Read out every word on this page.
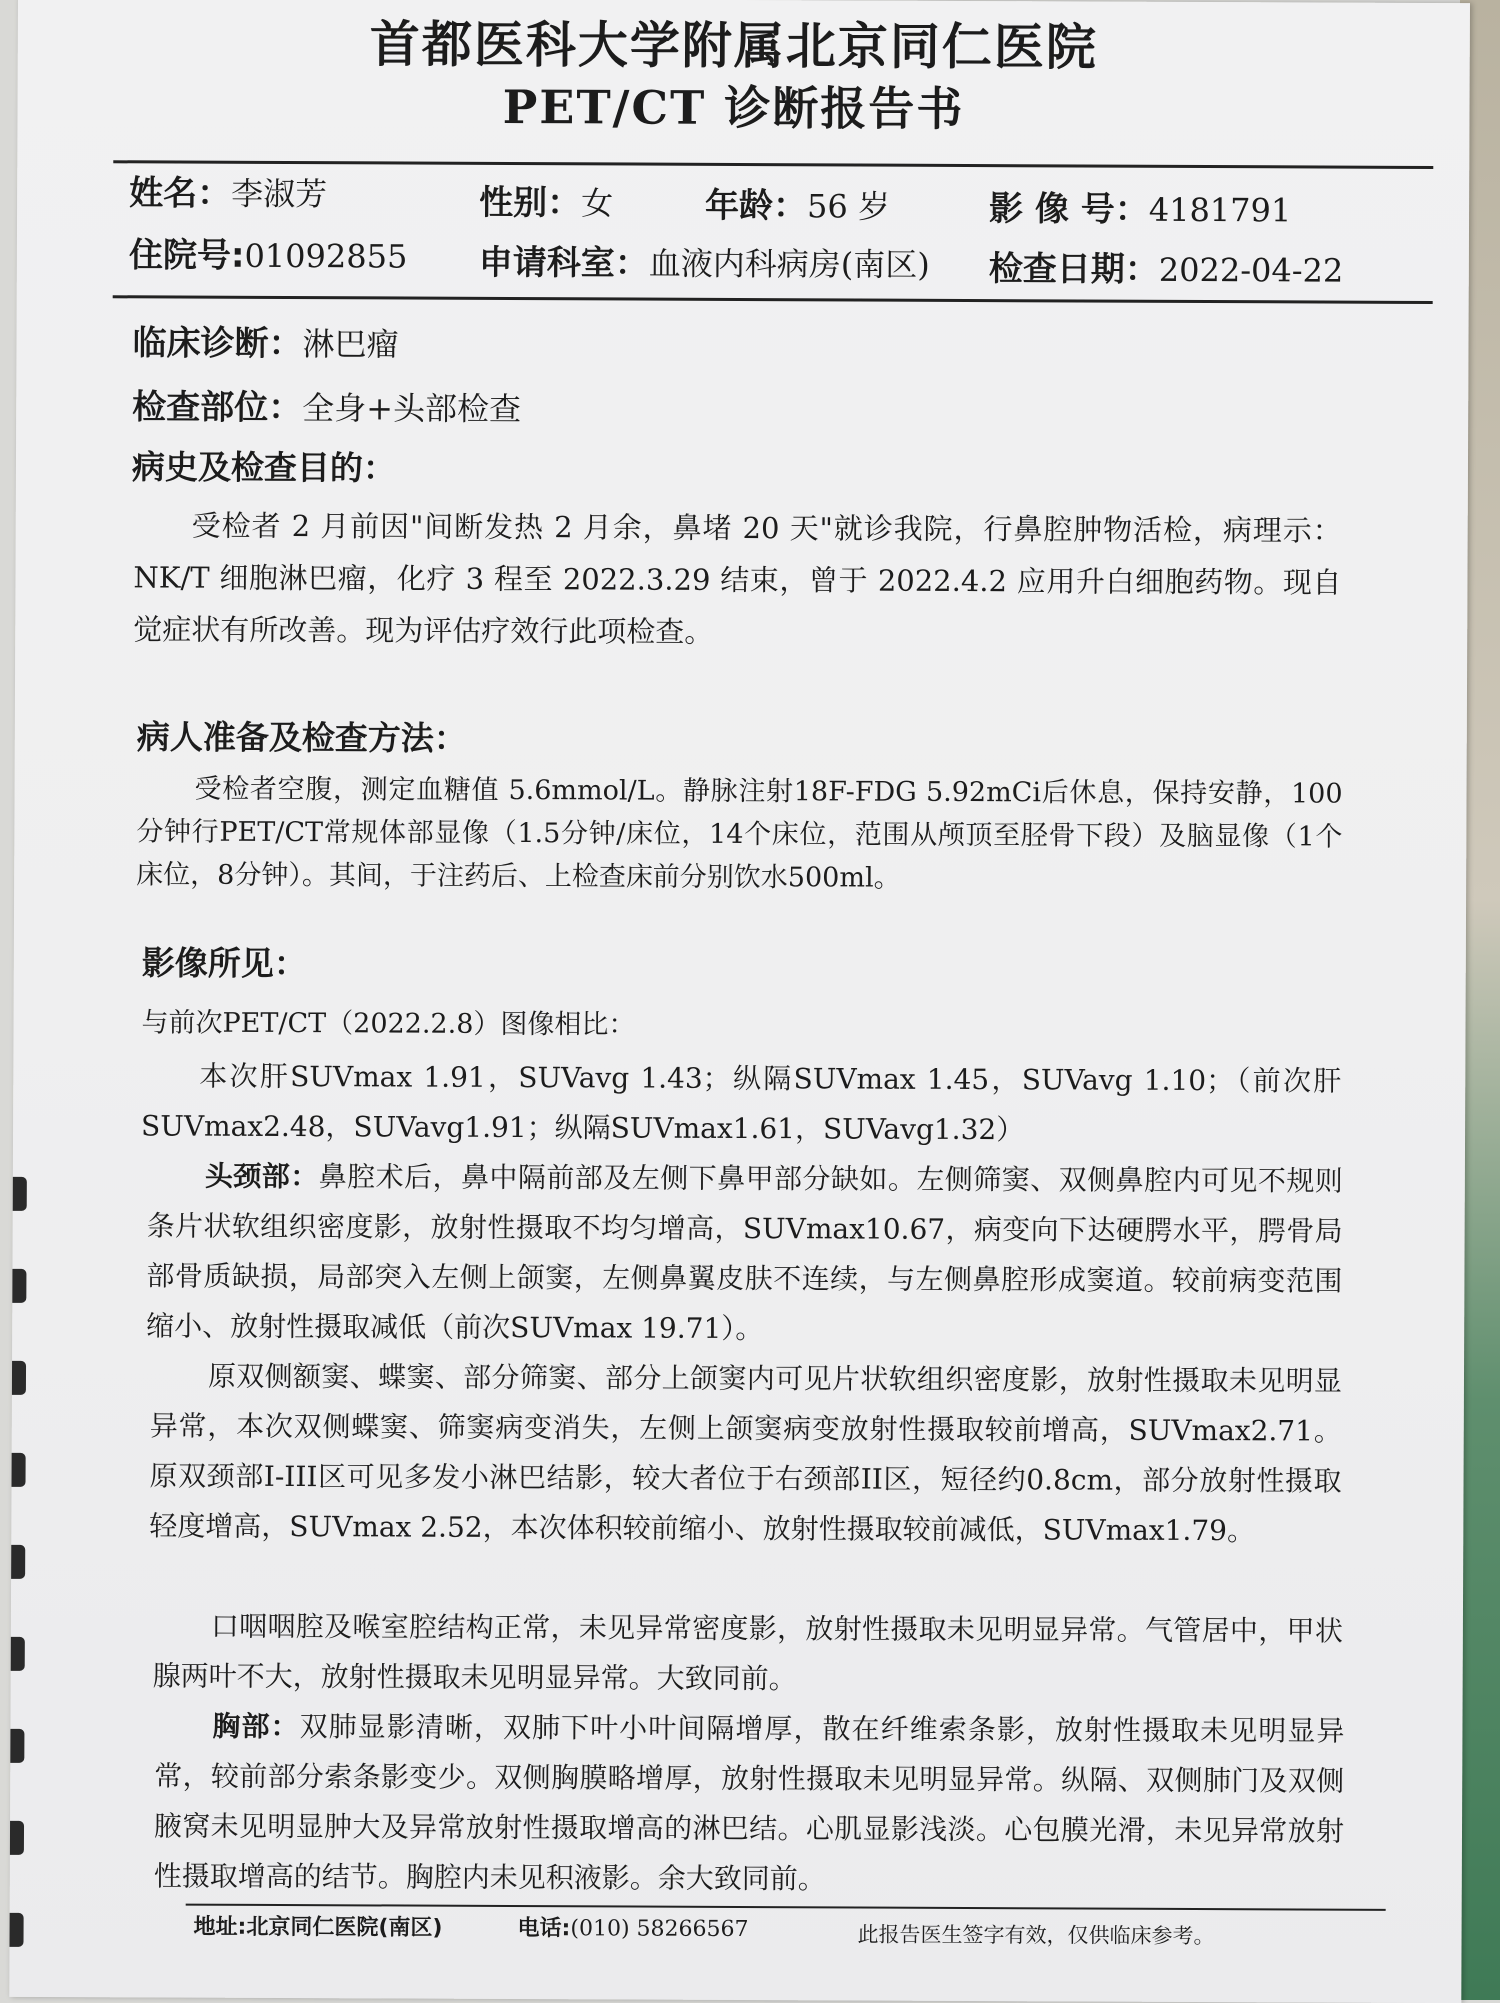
首都医科大学附属北京同仁医院
PET/CT 诊断报告书
姓名：李淑芳	性别：女	年龄：56 岁	影 像 号：4181791
住院号:01092855 申请科室：血液内科病房(南区) 检查日期：2022-04-22
临床诊断：淋巴瘤
检查部位：全身+头部检查
病史及检查目的：
受检者 2 月前因"间断发热 2 月余，鼻堵 20 天"就诊我院，行鼻腔肿物活检，病理示：NK/T 细胞淋巴瘤，化疗 3 程至 2022.3.29 结束，曾于 2022.4.2 应用升白细胞药物。现自觉症状有所改善。现为评估疗效行此项检查。
病人准备及检查方法：
受检者空腹，测定血糖值 5.6mmol/L。静脉注射18F-FDG 5.92mCi后休息，保持安静，100分钟行PET/CT常规体部显像（1.5分钟/床位，14个床位，范围从颅顶至胫骨下段）及脑显像（1个床位，8分钟）。其间，于注药后、上检查床前分别饮水500ml。
影像所见：
与前次PET/CT（2022.2.8）图像相比：
本次肝SUVmax 1.91，SUVavg 1.43；纵隔SUVmax 1.45，SUVavg 1.10；（前次肝SUVmax2.48，SUVavg1.91；纵隔SUVmax1.61，SUVavg1.32）
头颈部：鼻腔术后，鼻中隔前部及左侧下鼻甲部分缺如。左侧筛窦、双侧鼻腔内可见不规则条片状软组织密度影，放射性摄取不均匀增高，SUVmax10.67，病变向下达硬腭水平，腭骨局部骨质缺损，局部突入左侧上颌窦，左侧鼻翼皮肤不连续，与左侧鼻腔形成窦道。较前病变范围缩小、放射性摄取减低（前次SUVmax 19.71）。
原双侧额窦、蝶窦、部分筛窦、部分上颌窦内可见片状软组织密度影，放射性摄取未见明显异常，本次双侧蝶窦、筛窦病变消失，左侧上颌窦病变放射性摄取较前增高，SUVmax2.71。原双颈部I-III区可见多发小淋巴结影，较大者位于右颈部II区，短径约0.8cm，部分放射性摄取轻度增高，SUVmax 2.52，本次体积较前缩小、放射性摄取较前减低，SUVmax1.79。
口咽咽腔及喉室腔结构正常，未见异常密度影，放射性摄取未见明显异常。气管居中，甲状腺两叶不大，放射性摄取未见明显异常。大致同前。
胸部：双肺显影清晰，双肺下叶小叶间隔增厚，散在纤维索条影，放射性摄取未见明显异常，较前部分索条影变少。双侧胸膜略增厚，放射性摄取未见明显异常。纵隔、双侧肺门及双侧腋窝未见明显肿大及异常放射性摄取增高的淋巴结。心肌显影浅淡。心包膜光滑，未见异常放射性摄取增高的结节。胸腔内未见积液影。余大致同前。
地址:北京同仁医院(南区)	电话:(010) 58266567	此报告医生签字有效，仅供临床参考。
